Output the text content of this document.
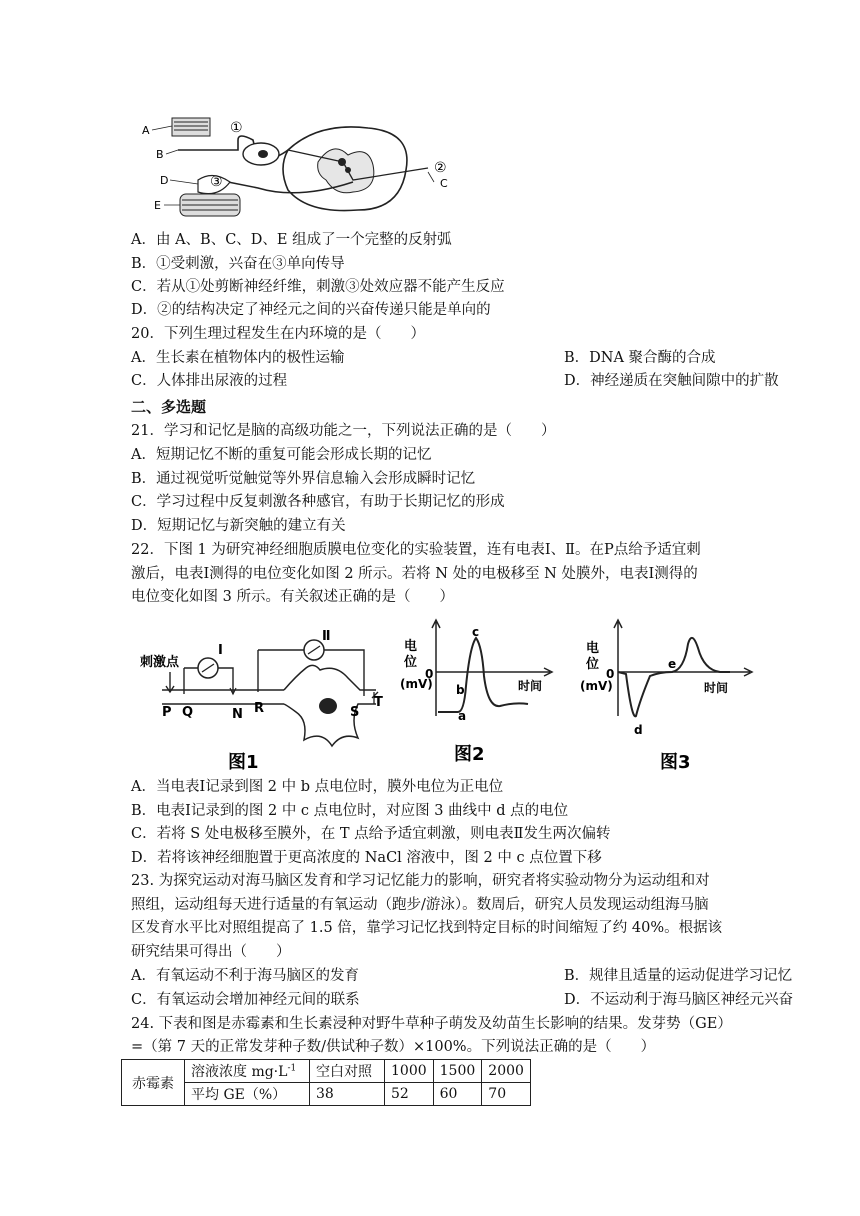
A
B
C
D
E
①
②
③
A．由 A、B、C、D、E 组成了一个完整的反射弧
B．①受刺激，兴奋在③单向传导
C．若从①处剪断神经纤维，刺激③处效应器不能产生反应
D．②的结构决定了神经元之间的兴奋传递只能是单向的
20．下列生理过程发生在内环境的是（　　）
A．生长素在植物体内的极性运输	B．DNA 聚合酶的合成
C．人体排出尿液的过程	D．神经递质在突触间隙中的扩散
二、多选题
21．学习和记忆是脑的高级功能之一，下列说法正确的是（　　）
A．短期记忆不断的重复可能会形成长期的记忆
B．通过视觉听觉触觉等外界信息输入会形成瞬时记忆
C．学习过程中反复刺激各种感官，有助于长期记忆的形成
D．短期记忆与新突触的建立有关
22．下图 1 为研究神经细胞质膜电位变化的实验装置，连有电表Ⅰ、Ⅱ。在P点给予适宜刺
激后，电表Ⅰ测得的电位变化如图 2 所示。若将 N 处的电极移至 N 处膜外，电表Ⅰ测得的
电位变化如图 3 所示。有关叙述正确的是（　　）
刺激点
I
Ⅱ
P Q	N R	S
T
图1
电
位
(mV)
0
时间
a
b
c
图2
电
位
(mV)
0
时间
d
e
图3
A．当电表Ⅰ记录到图 2 中 b 点电位时，膜外电位为正电位
B．电表Ⅰ记录到的图 2 中 c 点电位时，对应图 3 曲线中 d 点的电位
C．若将 S 处电极移至膜外，在 T 点给予适宜刺激，则电表Ⅱ发生两次偏转
D．若将该神经细胞置于更高浓度的 NaCl 溶液中，图 2 中 c 点位置下移
23. 为探究运动对海马脑区发育和学习记忆能力的影响，研究者将实验动物分为运动组和对
照组，运动组每天进行适量的有氧运动（跑步/游泳）。数周后，研究人员发现运动组海马脑
区发育水平比对照组提高了 1.5 倍，靠学习记忆找到特定目标的时间缩短了约 40%。根据该
研究结果可得出（　　）
A．有氧运动不利于海马脑区的发育	B．规律且适量的运动促进学习记忆
C．有氧运动会增加神经元间的联系	D．不运动利于海马脑区神经元兴奋
24. 下表和图是赤霉素和生长素浸种对野牛草种子萌发及幼苗生长影响的结果。发芽势（GE）
=（第 7 天的正常发芽种子数/供试种子数）×100%。下列说法正确的是（　　）
赤霉素	溶液浓度 $mg\cdot L^{-1}$	空白对照	1000	1500	2000
	平均 GE（%）	38	52	60	70
